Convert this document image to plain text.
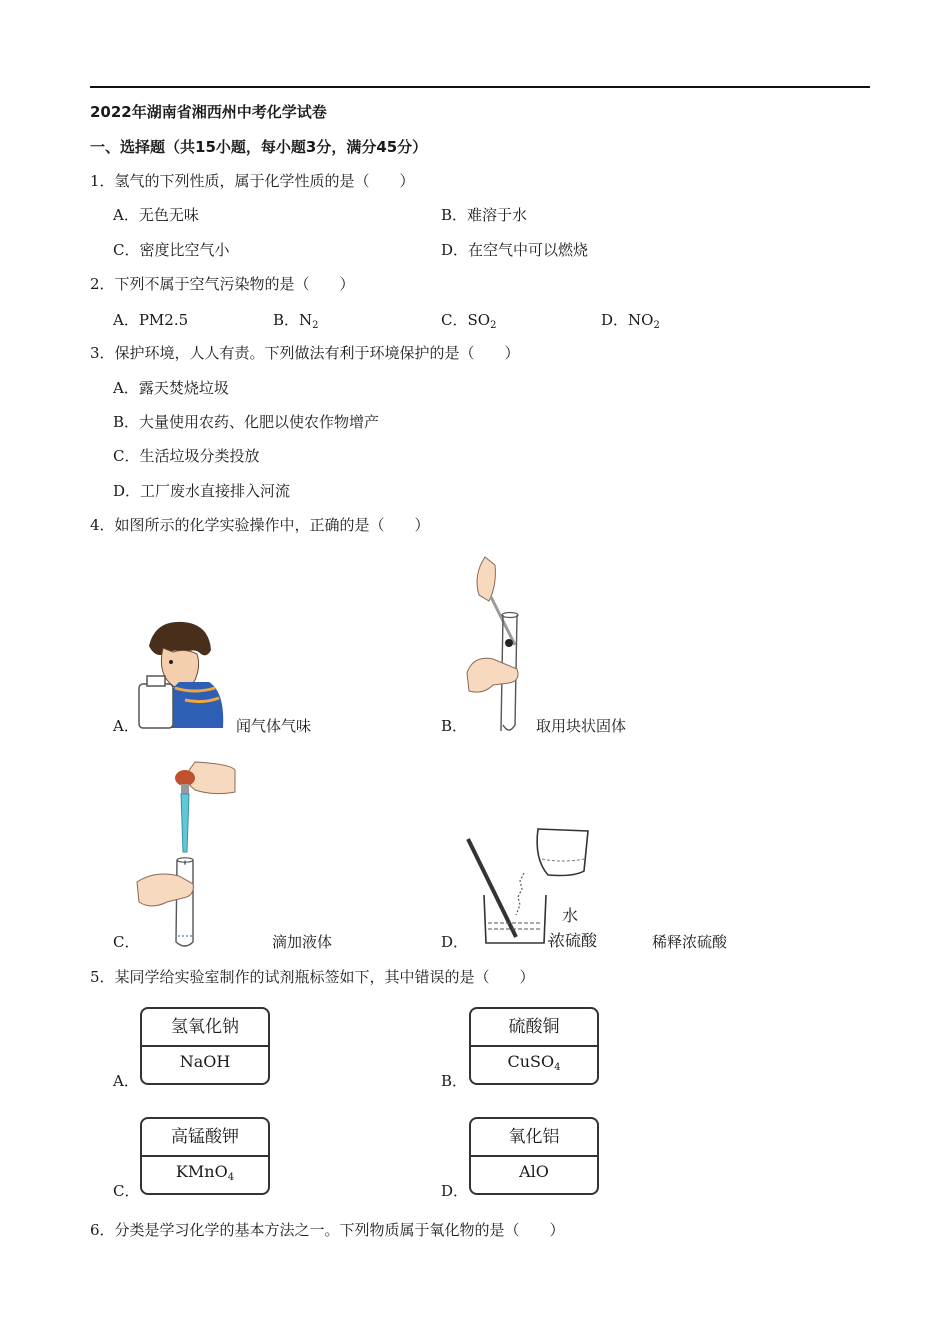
2022年湖南省湘西州中考化学试卷
一、选择题（共15小题，每小题3分，满分45分）
1．氢气的下列性质，属于化学性质的是（　　）
A．无色无味	B．难溶于水
C．密度比空气小	D．在空气中可以燃烧
2．下列不属于空气污染物的是（　　）
A．PM2.5	B．$N_2$	C．$SO_2$	D．$NO_2$
3．保护环境，人人有责。下列做法有利于环境保护的是（　　）
A．露天焚烧垃圾
B．大量使用农药、化肥以使农作物增产
C．生活垃圾分类投放
D．工厂废水直接排入河流
4．如图所示的化学实验操作中，正确的是（　　）
A．	闻气体气味	B．	取用块状固体
C．	滴加液体
水
浓硫酸
D．	稀释浓硫酸
5．某同学给实验室制作的试剂瓶标签如下，其中错误的是（　　）
氢氧化钠
NaOH
A．
硫酸铜
CuSO$_4$
B．
高锰酸钾
KMnO$_4$
C．
氧化铝
AlO
D．
6．分类是学习化学的基本方法之一。下列物质属于氧化物的是（　　）
